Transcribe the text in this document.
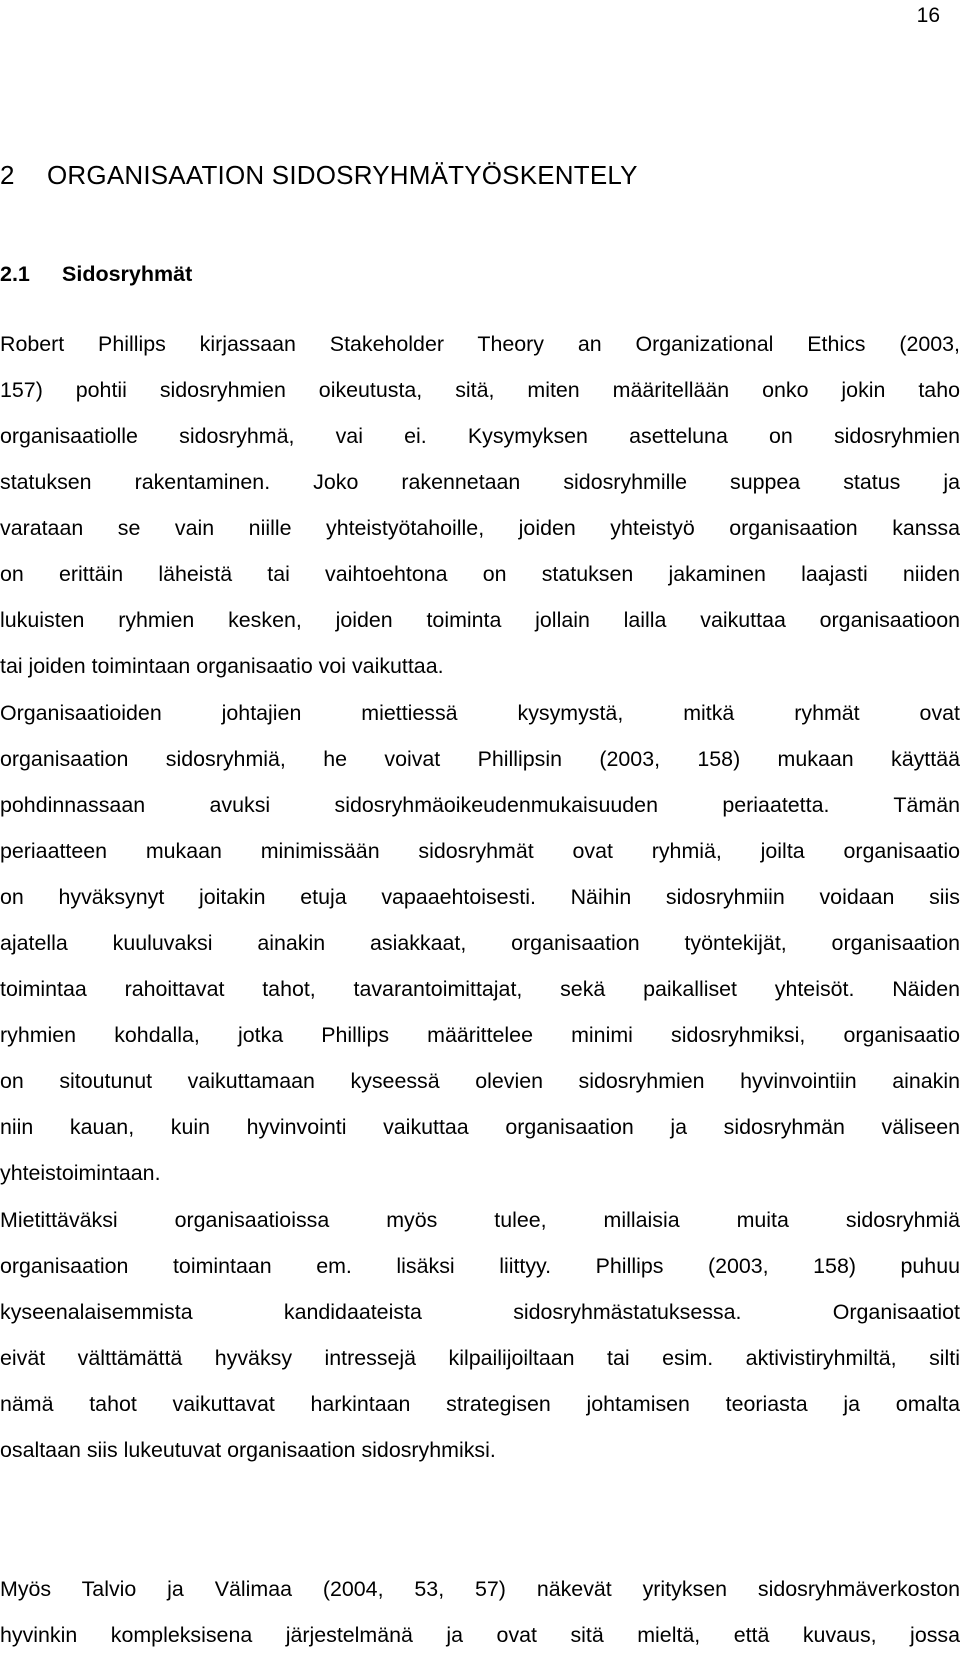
16
2 ORGANISAATION SIDOSRYHMÄTYÖSKENTELY
2.1 Sidosryhmät
Robert Phillips kirjassaan Stakeholder Theory an Organizational Ethics (2003,
157) pohtii sidosryhmien oikeutusta, sitä, miten määritellään onko jokin taho
organisaatiolle sidosryhmä, vai ei. Kysymyksen asetteluna on sidosryhmien
statuksen rakentaminen. Joko rakennetaan sidosryhmille suppea status ja
varataan se vain niille yhteistyötahoille, joiden yhteistyö organisaation kanssa
on erittäin läheistä tai vaihtoehtona on statuksen jakaminen laajasti niiden
lukuisten ryhmien kesken, joiden toiminta jollain lailla vaikuttaa organisaatioon
tai joiden toimintaan organisaatio voi vaikuttaa.
Organisaatioiden johtajien miettiessä kysymystä, mitkä ryhmät ovat
organisaation sidosryhmiä, he voivat Phillipsin (2003, 158) mukaan käyttää
pohdinnassaan avuksi sidosryhmäoikeudenmukaisuuden periaatetta. Tämän
periaatteen mukaan minimissään sidosryhmät ovat ryhmiä, joilta organisaatio
on hyväksynyt joitakin etuja vapaaehtoisesti. Näihin sidosryhmiin voidaan siis
ajatella kuuluvaksi ainakin asiakkaat, organisaation työntekijät, organisaation
toimintaa rahoittavat tahot, tavarantoimittajat, sekä paikalliset yhteisöt. Näiden
ryhmien kohdalla, jotka Phillips määrittelee minimi sidosryhmiksi, organisaatio
on sitoutunut vaikuttamaan kyseessä olevien sidosryhmien hyvinvointiin ainakin
niin kauan, kuin hyvinvointi vaikuttaa organisaation ja sidosryhmän väliseen
yhteistoimintaan.
Mietittäväksi organisaatioissa myös tulee, millaisia muita sidosryhmiä
organisaation toimintaan em. lisäksi liittyy. Phillips (2003, 158) puhuu
kyseenalaisemmista kandidaateista sidosryhmästatuksessa. Organisaatiot
eivät välttämättä hyväksy intressejä kilpailijoiltaan tai esim. aktivistiryhmiltä, silti
nämä tahot vaikuttavat harkintaan strategisen johtamisen teoriasta ja omalta
osaltaan siis lukeutuvat organisaation sidosryhmiksi.
Myös Talvio ja Välimaa (2004, 53, 57) näkevät yrityksen sidosryhmäverkoston
hyvinkin kompleksisena järjestelmänä ja ovat sitä mieltä, että kuvaus, jossa
